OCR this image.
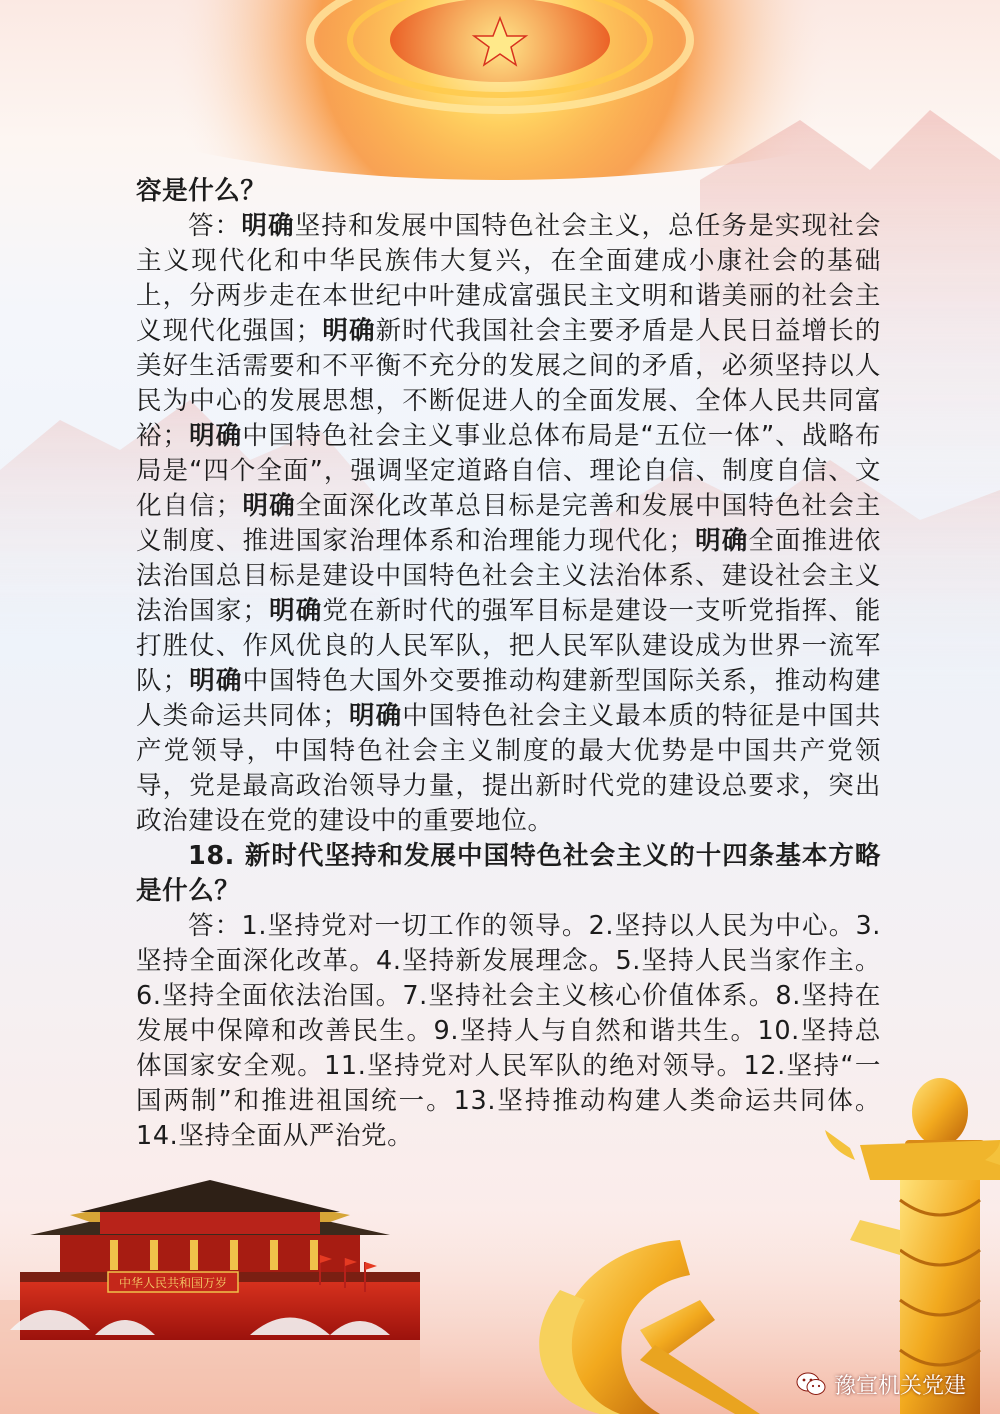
中华人民共和国万岁

容是什么？

答：明确坚持和发展中国特色社会主义，总任务是实现社会主义现代化和中华民族伟大复兴，在全面建成小康社会的基础上，分两步走在本世纪中叶建成富强民主文明和谐美丽的社会主义现代化强国；明确新时代我国社会主要矛盾是人民日益增长的美好生活需要和不平衡不充分的发展之间的矛盾，必须坚持以人民为中心的发展思想，不断促进人的全面发展、全体人民共同富裕；明确中国特色社会主义事业总体布局是“五位一体”、战略布局是“四个全面”，强调坚定道路自信、理论自信、制度自信、文化自信；明确全面深化改革总目标是完善和发展中国特色社会主义制度、推进国家治理体系和治理能力现代化；明确全面推进依法治国总目标是建设中国特色社会主义法治体系、建设社会主义法治国家；明确党在新时代的强军目标是建设一支听党指挥、能打胜仗、作风优良的人民军队，把人民军队建设成为世界一流军队；明确中国特色大国外交要推动构建新型国际关系，推动构建人类命运共同体；明确中国特色社会主义最本质的特征是中国共产党领导，中国特色社会主义制度的最大优势是中国共产党领导，党是最高政治领导力量，提出新时代党的建设总要求，突出政治建设在党的建设中的重要地位。

18. 新时代坚持和发展中国特色社会主义的十四条基本方略是什么？

答：1.坚持党对一切工作的领导。2.坚持以人民为中心。3.坚持全面深化改革。4.坚持新发展理念。5.坚持人民当家作主。6.坚持全面依法治国。7.坚持社会主义核心价值体系。8.坚持在发展中保障和改善民生。9.坚持人与自然和谐共生。10.坚持总体国家安全观。11.坚持党对人民军队的绝对领导。12.坚持“一国两制”和推进祖国统一。13.坚持推动构建人类命运共同体。14.坚持全面从严治党。

豫宣机关党建
